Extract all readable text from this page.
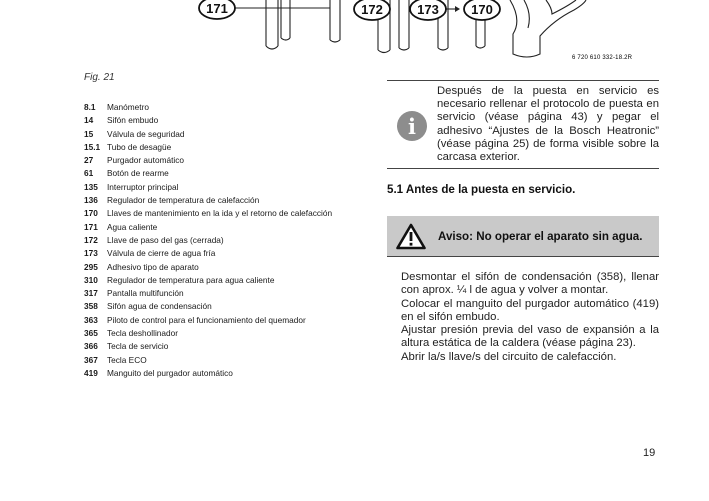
171	172	173 170
6 720 610 332-18.2R
Fig. 21
8.1	Manómetro
14	Sifón embudo
15	Válvula de seguridad
15.1 Tubo de desagüe
27	Purgador automático
61	Botón de rearme
135	Interruptor principal
136	Regulador de temperatura de calefacción
170	Llaves de mantenimiento en la ida y el retorno de calefacción
171	Agua caliente
172	Llave de paso del gas (cerrada)
173	Válvula de cierre de agua fría
295	Adhesivo tipo de aparato
310	Regulador de temperatura para agua caliente
317	Pantalla multifunción
358	Sifón agua de condensación
363	Piloto de control para el funcionamiento del quemador
365	Tecla deshollinador
366	Tecla de servicio
367	Tecla ECO
419	Manguito del purgador automático
i
Después de la puesta en servicio es necesario rellenar el protocolo de puesta en servicio (véase página 43) y pegar el adhesivo “Ajustes de la Bosch Heatronic” (véase página 25) de forma visible sobre la carcasa exterior.
5.1 Antes de la puesta en servicio.
Aviso: No operar el aparato sin agua.

Desmontar el sifón de condensación (358), llenar con aprox. ¼ l de agua y volver a montar.

Colocar el manguito del purgador automático (419) en el sifón embudo.

Ajustar presión previa del vaso de expansión a la altura estática de la caldera (véase página 23).

Abrir la/s llave/s del circuito de calefacción.

19
